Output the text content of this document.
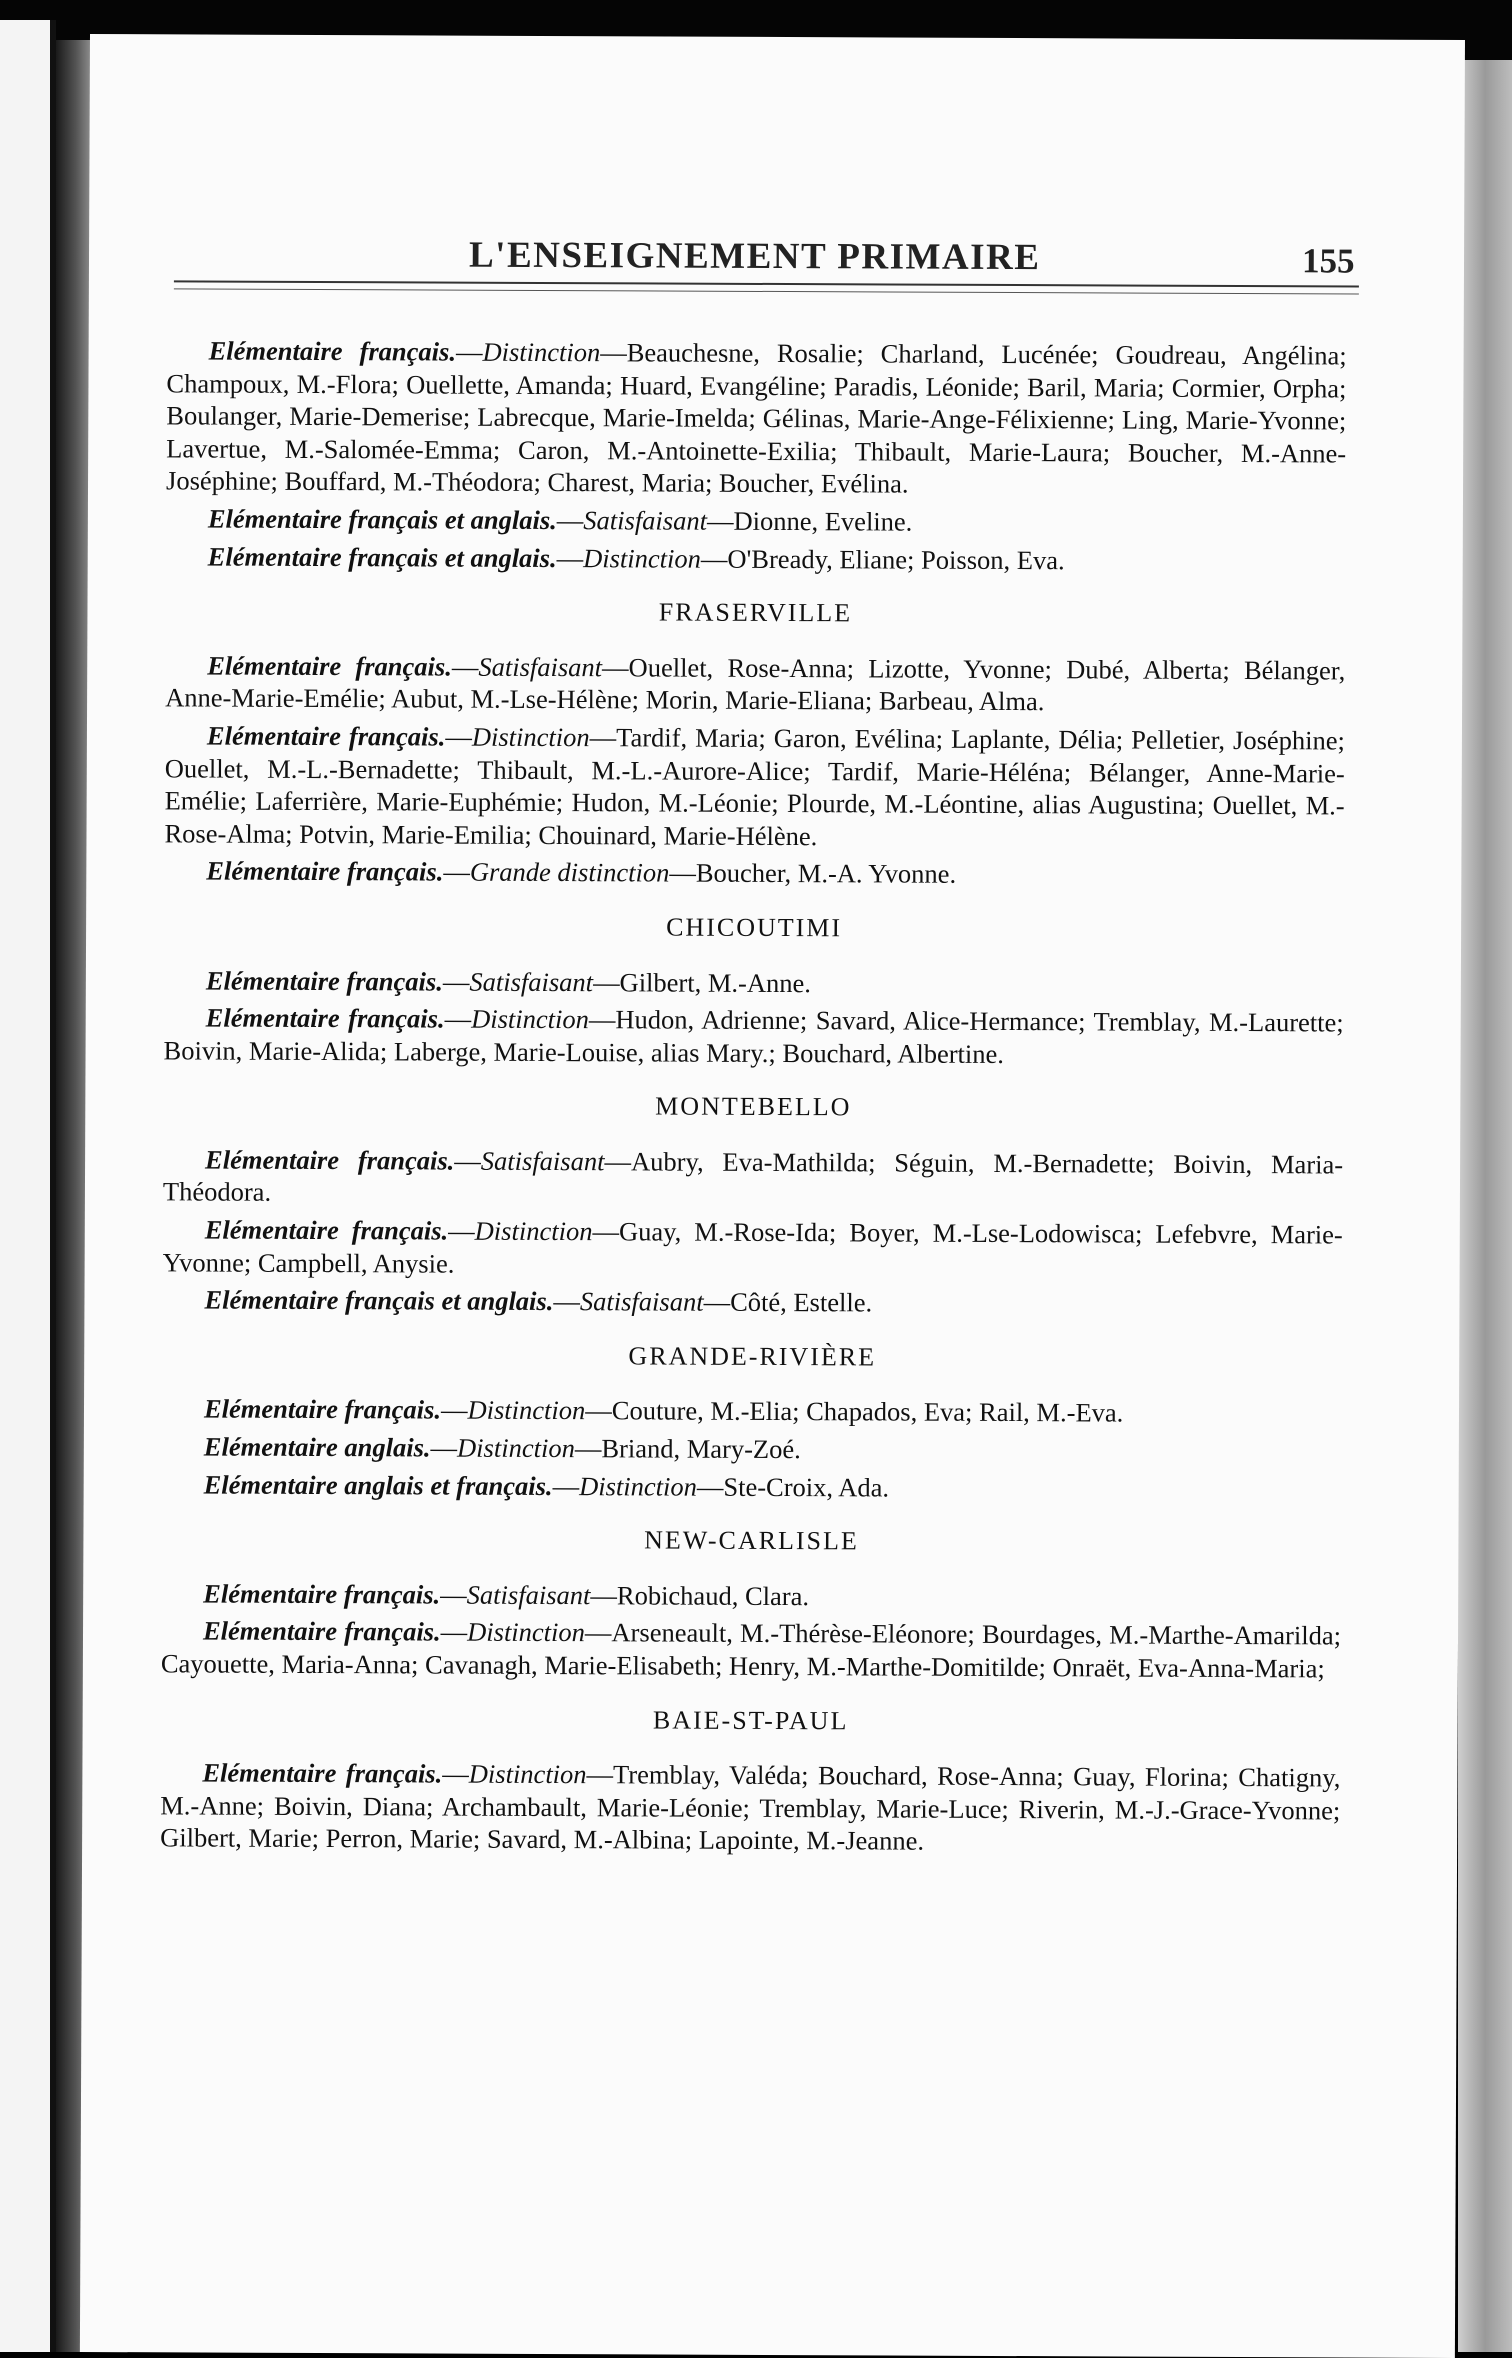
L'ENSEIGNEMENT PRIMAIRE	155

Elémentaire français.—Distinction—Beauchesne, Rosalie; Charland, Lucénée; Goudreau, Angélina; Champoux, M.-Flora; Ouellette, Amanda; Huard, Evangéline; Paradis, Léonide; Baril, Maria; Cormier, Orpha; Boulanger, Marie-Demerise; Labrecque, Marie-Imelda; Gélinas, Marie-Ange-Félixienne; Ling, Marie-Yvonne; Lavertue, M.-Salomée-Emma; Caron, M.-Antoinette-Exilia; Thibault, Marie-Laura; Boucher, M.-Anne-Joséphine; Bouffard, M.-Théodora; Charest, Maria; Boucher, Evélina.

Elémentaire français et anglais.—Satisfaisant—Dionne, Eveline.

Elémentaire français et anglais.—Distinction—O'Bready, Eliane; Poisson, Eva.

FRASERVILLE

Elémentaire français.—Satisfaisant—Ouellet, Rose-Anna; Lizotte, Yvonne; Dubé, Alberta; Bélanger, Anne-Marie-Emélie; Aubut, M.-Lse-Hélène; Morin, Marie-Eliana; Barbeau, Alma.

Elémentaire français.—Distinction—Tardif, Maria; Garon, Evélina; Laplante, Délia; Pelletier, Joséphine; Ouellet, M.-L.-Bernadette; Thibault, M.-L.-Aurore-Alice; Tardif, Marie-Héléna; Bélanger, Anne-Marie-Emélie; Laferrière, Marie-Euphémie; Hudon, M.-Léonie; Plourde, M.-Léontine, alias Augustina; Ouellet, M.-Rose-Alma; Potvin, Marie-Emilia; Chouinard, Marie-Hélène.

Elémentaire français.—Grande distinction—Boucher, M.-A. Yvonne.

CHICOUTIMI

Elémentaire français.—Satisfaisant—Gilbert, M.-Anne.

Elémentaire français.—Distinction—Hudon, Adrienne; Savard, Alice-Hermance; Tremblay, M.-Laurette; Boivin, Marie-Alida; Laberge, Marie-Louise, alias Mary.; Bouchard, Albertine.

MONTEBELLO

Elémentaire français.—Satisfaisant—Aubry, Eva-Mathilda; Séguin, M.-Bernadette; Boivin, Maria-Théodora.

Elémentaire français.—Distinction—Guay, M.-Rose-Ida; Boyer, M.-Lse-Lodowisca; Lefebvre, Marie-Yvonne; Campbell, Anysie.

Elémentaire français et anglais.—Satisfaisant—Côté, Estelle.

GRANDE-RIVIÈRE

Elémentaire français.—Distinction—Couture, M.-Elia; Chapados, Eva; Rail, M.-Eva.

Elémentaire anglais.—Distinction—Briand, Mary-Zoé.

Elémentaire anglais et français.—Distinction—Ste-Croix, Ada.

NEW-CARLISLE

Elémentaire français.—Satisfaisant—Robichaud, Clara.

Elémentaire français.—Distinction—Arseneault, M.-Thérèse-Eléonore; Bourdages, M.-Marthe-Amarilda; Cayouette, Maria-Anna; Cavanagh, Marie-Elisabeth; Henry, M.-Marthe-Domitilde; Onraët, Eva-Anna-Maria;

BAIE-ST-PAUL

Elémentaire français.—Distinction—Tremblay, Valéda; Bouchard, Rose-Anna; Guay, Florina; Chatigny, M.-Anne; Boivin, Diana; Archambault, Marie-Léonie; Tremblay, Marie-Luce; Riverin, M.-J.-Grace-Yvonne; Gilbert, Marie; Perron, Marie; Savard, M.-Albina; Lapointe, M.-Jeanne.
